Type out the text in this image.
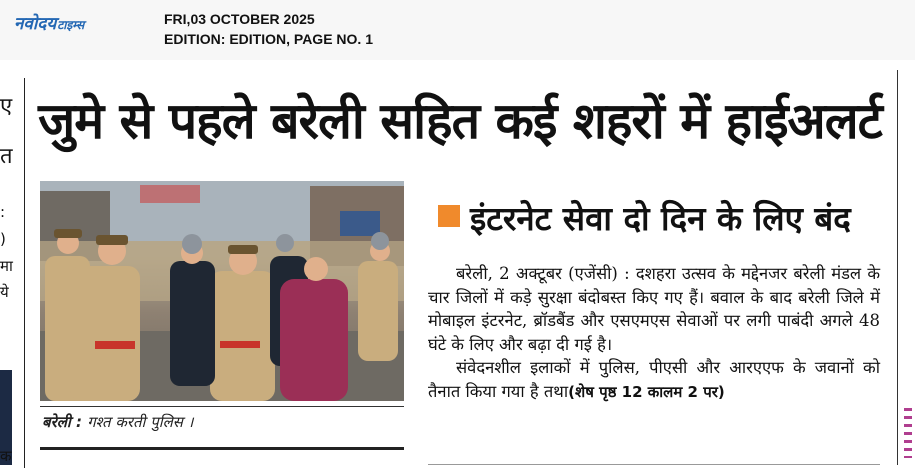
नवोदयटाइम्स	FRI,03 OCTOBER 2025
EDITION: EDITION, PAGE NO. 1
ए
त
:
)
मा
ये
क
जुमे से पहले बरेली सहित कई शहरों में हाईअलर्ट
बरेली : गश्त करती पुलिस ।
इंटरनेट सेवा दो दिन के लिए बंद

बरेली, 2 अक्टूबर (एजेंसी) : दशहरा उत्सव के मद्देनजर बरेली मंडल के चार जिलों में कड़े सुरक्षा बंदोबस्त किए गए हैं। बवाल के बाद बरेली जिले में मोबाइल इंटरनेट, ब्रॉडबैंड और एसएमएस सेवाओं पर लगी पाबंदी अगले 48 घंटे के लिए और बढ़ा दी गई है।

संवेदनशील इलाकों में पुलिस, पीएसी और आरएएफ के जवानों को तैनात किया गया है तथा(शेष पृष्ठ 12 कालम 2 पर)
